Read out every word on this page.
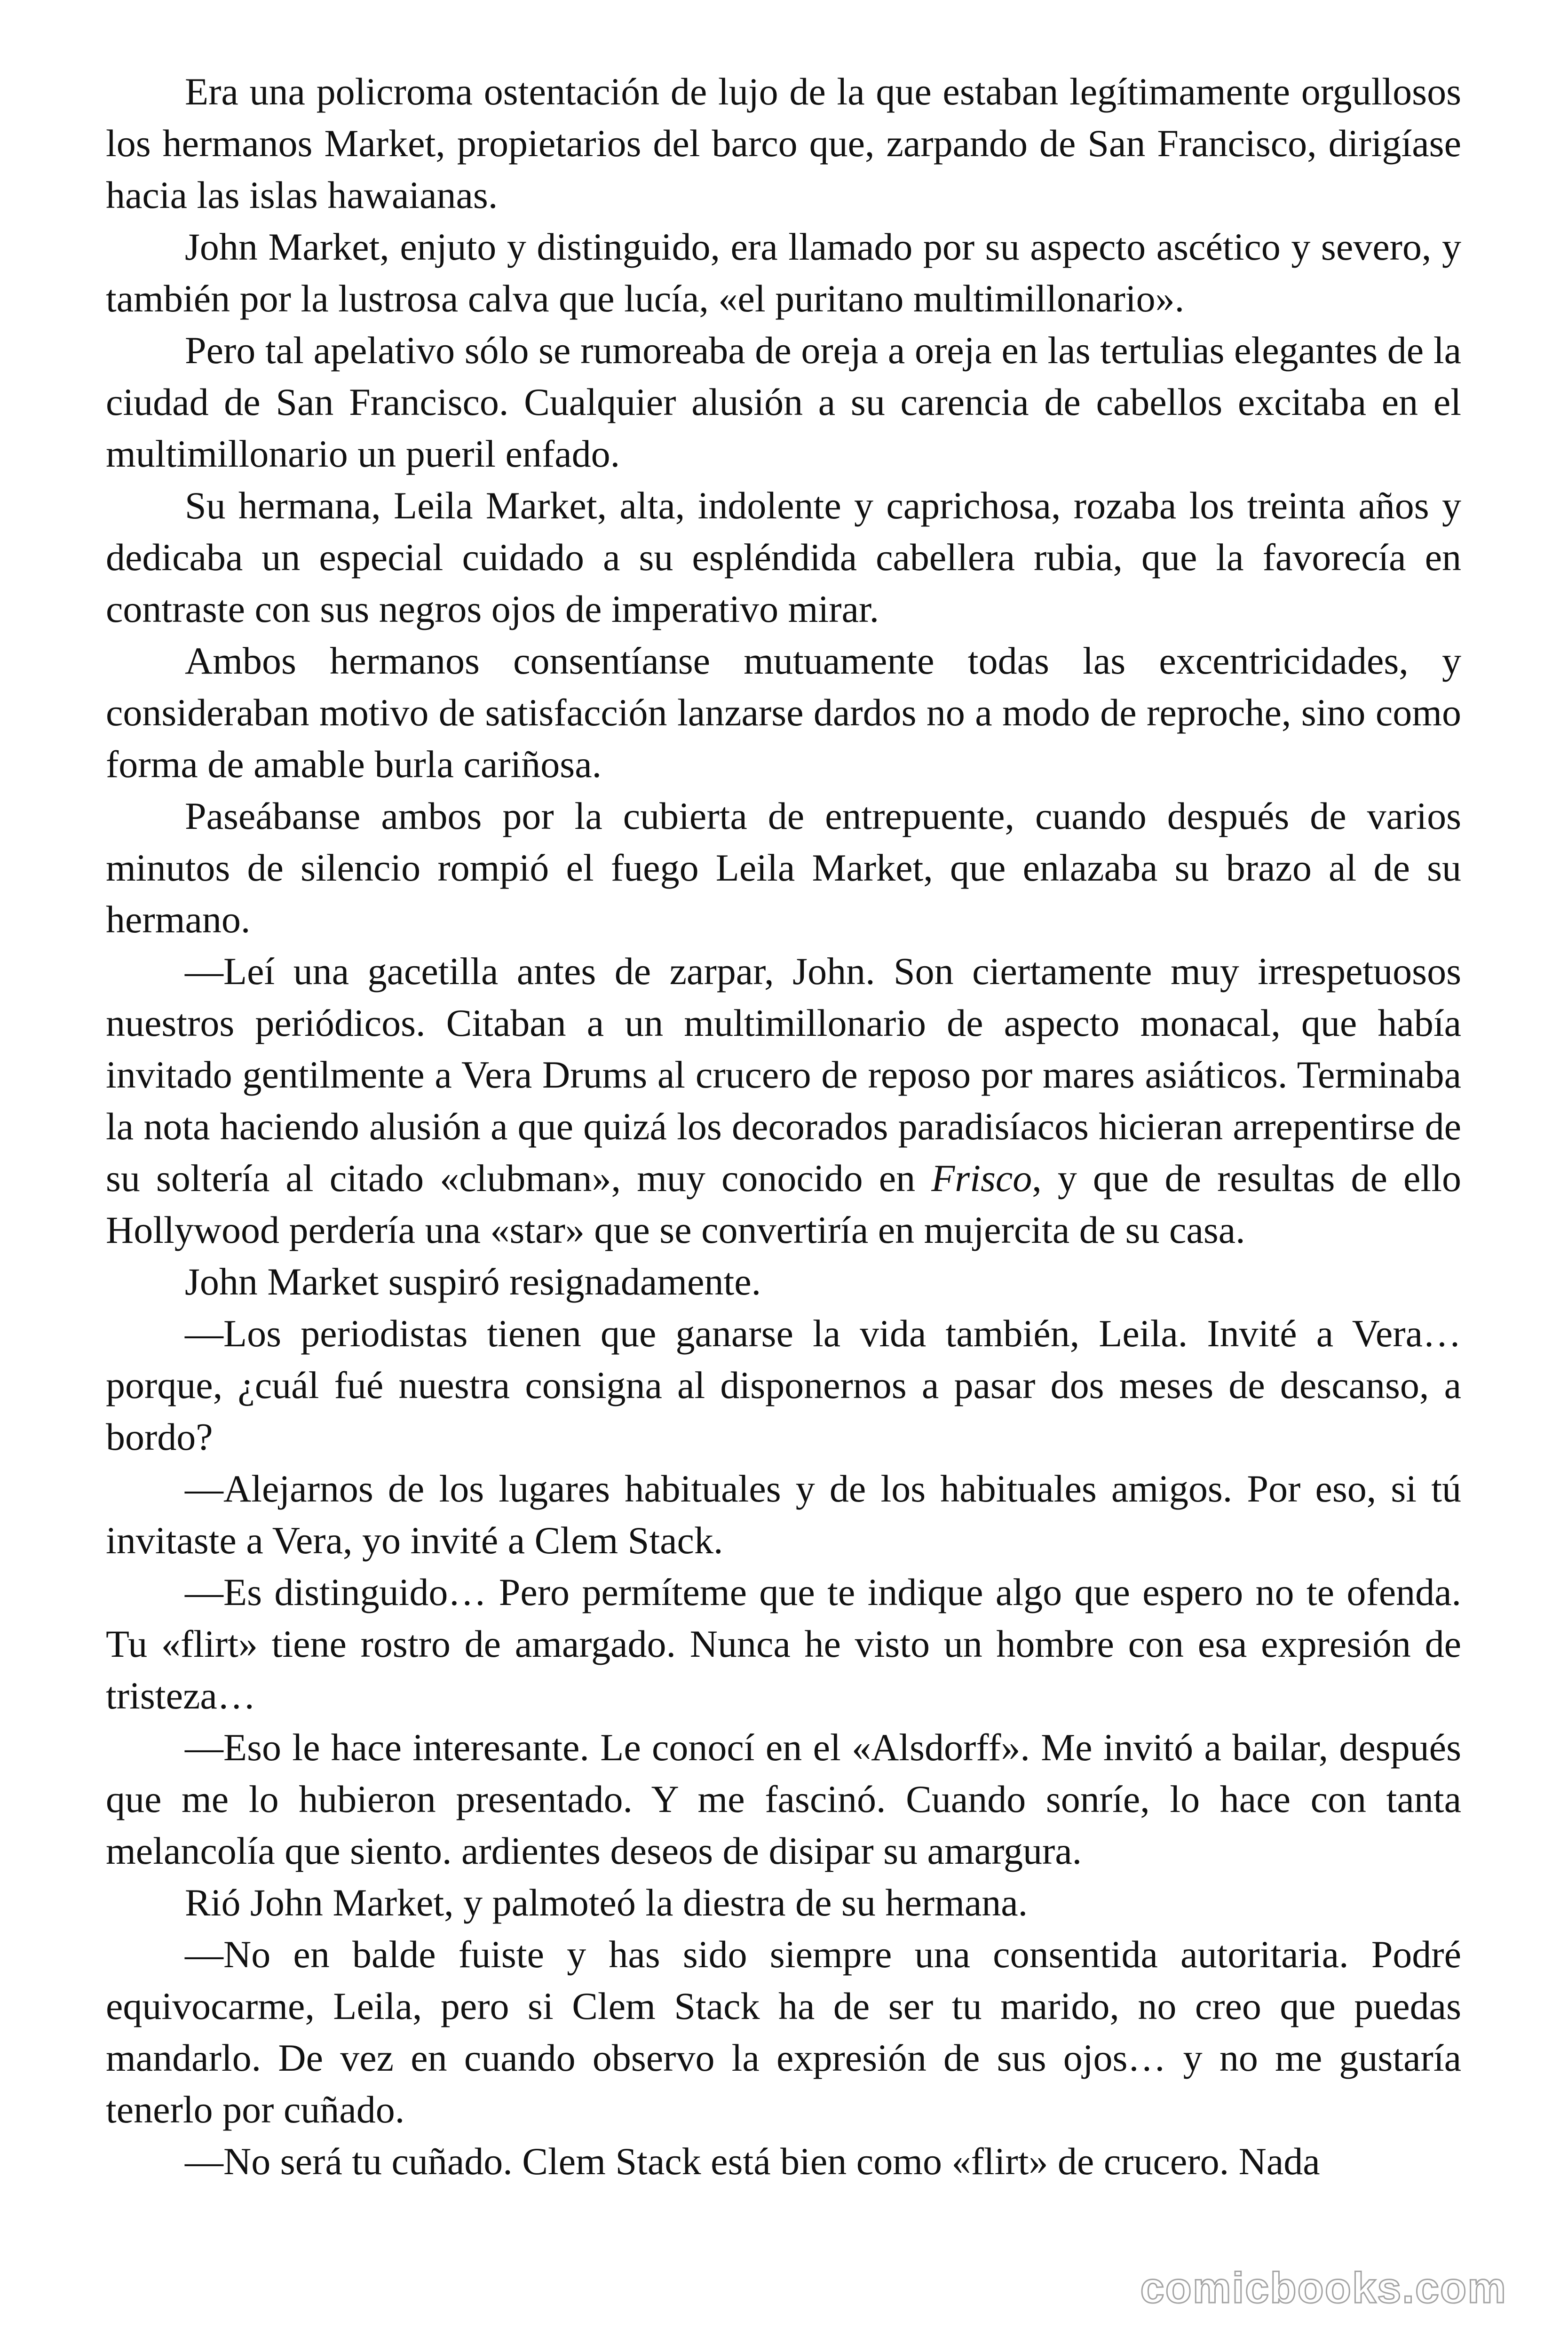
Era una policroma ostentación de lujo de la que estaban legítimamente orgullosos los hermanos Market, propietarios del barco que, zarpando de San Francisco, dirigíase hacia las islas hawaianas.

John Market, enjuto y distinguido, era llamado por su aspecto ascético y severo, y también por la lustrosa calva que lucía, «el puritano multimillonario».

Pero tal apelativo sólo se rumoreaba de oreja a oreja en las tertulias elegantes de la ciudad de San Francisco. Cualquier alusión a su carencia de cabellos excitaba en el multimillonario un pueril enfado.

Su hermana, Leila Market, alta, indolente y caprichosa, rozaba los treinta años y dedicaba un especial cuidado a su espléndida cabellera rubia, que la favorecía en contraste con sus negros ojos de imperativo mirar.

Ambos hermanos consentíanse mutuamente todas las excentricidades, y consideraban motivo de satisfacción lanzarse dardos no a modo de reproche, sino como forma de amable burla cariñosa.

Paseábanse ambos por la cubierta de entrepuente, cuando después de varios minutos de silencio rompió el fuego Leila Market, que enlazaba su brazo al de su hermano.

—Leí una gacetilla antes de zarpar, John. Son ciertamente muy irrespetuosos nuestros periódicos. Citaban a un multimillonario de aspecto monacal, que había invitado gentilmente a Vera Drums al crucero de reposo por mares asiáticos. Terminaba la nota haciendo alusión a que quizá los decorados paradisíacos hicieran arrepentirse de su soltería al citado «clubman», muy conocido en Frisco, y que de resultas de ello Hollywood perdería una «star» que se convertiría en mujercita de su casa.

John Market suspiró resignadamente.

—Los periodistas tienen que ganarse la vida también, Leila. Invité a Vera… porque, ¿cuál fué nuestra consigna al disponernos a pasar dos meses de descanso, a bordo?

—Alejarnos de los lugares habituales y de los habituales amigos. Por eso, si tú invitaste a Vera, yo invité a Clem Stack.

—Es distinguido… Pero permíteme que te indique algo que espero no te ofenda. Tu «flirt» tiene rostro de amargado. Nunca he visto un hombre con esa expresión de tristeza…

—Eso le hace interesante. Le conocí en el «Alsdorff». Me invitó a bailar, después que me lo hubieron presentado. Y me fascinó. Cuando sonríe, lo hace con tanta melancolía que siento. ardientes deseos de disipar su amargura.

Rió John Market, y palmoteó la diestra de su hermana.

—No en balde fuiste y has sido siempre una consentida autoritaria. Podré equivocarme, Leila, pero si Clem Stack ha de ser tu marido, no creo que puedas mandarlo. De vez en cuando observo la expresión de sus ojos… y no me gustaría tenerlo por cuñado.

—No será tu cuñado. Clem Stack está bien como «flirt» de crucero. Nada

comicbooks.com
